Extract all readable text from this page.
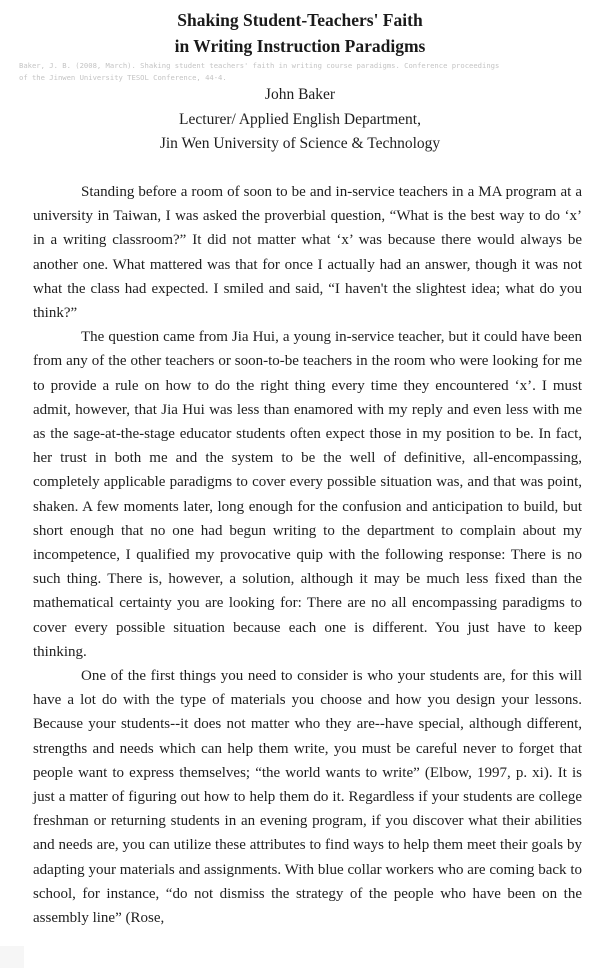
Shaking Student-Teachers' Faith
in Writing Instruction Paradigms
Baker, J. B. (2008, March). Shaking student teachers' faith in writing course paradigms. Conference proceedings
of the Jinwen University TESOL Conference, 44-4.
John Baker
Lecturer/ Applied English Department,
Jin Wen University of Science & Technology

Standing before a room of soon to be and in-service teachers in a MA program at a university in Taiwan, I was asked the proverbial question, “What is the best way to do ‘x’ in a writing classroom?” It did not matter what ‘x’ was because there would always be another one. What mattered was that for once I actually had an answer, though it was not what the class had expected. I smiled and said, “I haven't the slightest idea; what do you think?”

The question came from Jia Hui, a young in-service teacher, but it could have been from any of the other teachers or soon-to-be teachers in the room who were looking for me to provide a rule on how to do the right thing every time they encountered ‘x’. I must admit, however, that Jia Hui was less than enamored with my reply and even less with me as the sage-at-the-stage educator students often expect those in my position to be. In fact, her trust in both me and the system to be the well of definitive, all-encompassing, completely applicable paradigms to cover every possible situation was, and that was point, shaken. A few moments later, long enough for the confusion and anticipation to build, but short enough that no one had begun writing to the department to complain about my incompetence, I qualified my provocative quip with the following response: There is no such thing. There is, however, a solution, although it may be much less fixed than the mathematical certainty you are looking for: There are no all encompassing paradigms to cover every possible situation because each one is different. You just have to keep thinking.

One of the first things you need to consider is who your students are, for this will have a lot do with the type of materials you choose and how you design your lessons. Because your students--it does not matter who they are--have special, although different, strengths and needs which can help them write, you must be careful never to forget that people want to express themselves; “the world wants to write” (Elbow, 1997, p. xi). It is just a matter of figuring out how to help them do it. Regardless if your students are college freshman or returning students in an evening program, if you discover what their abilities and needs are, you can utilize these attributes to find ways to help them meet their goals by adapting your materials and assignments. With blue collar workers who are coming back to school, for instance, “do not dismiss the strategy of the people who have been on the assembly line” (Rose,
